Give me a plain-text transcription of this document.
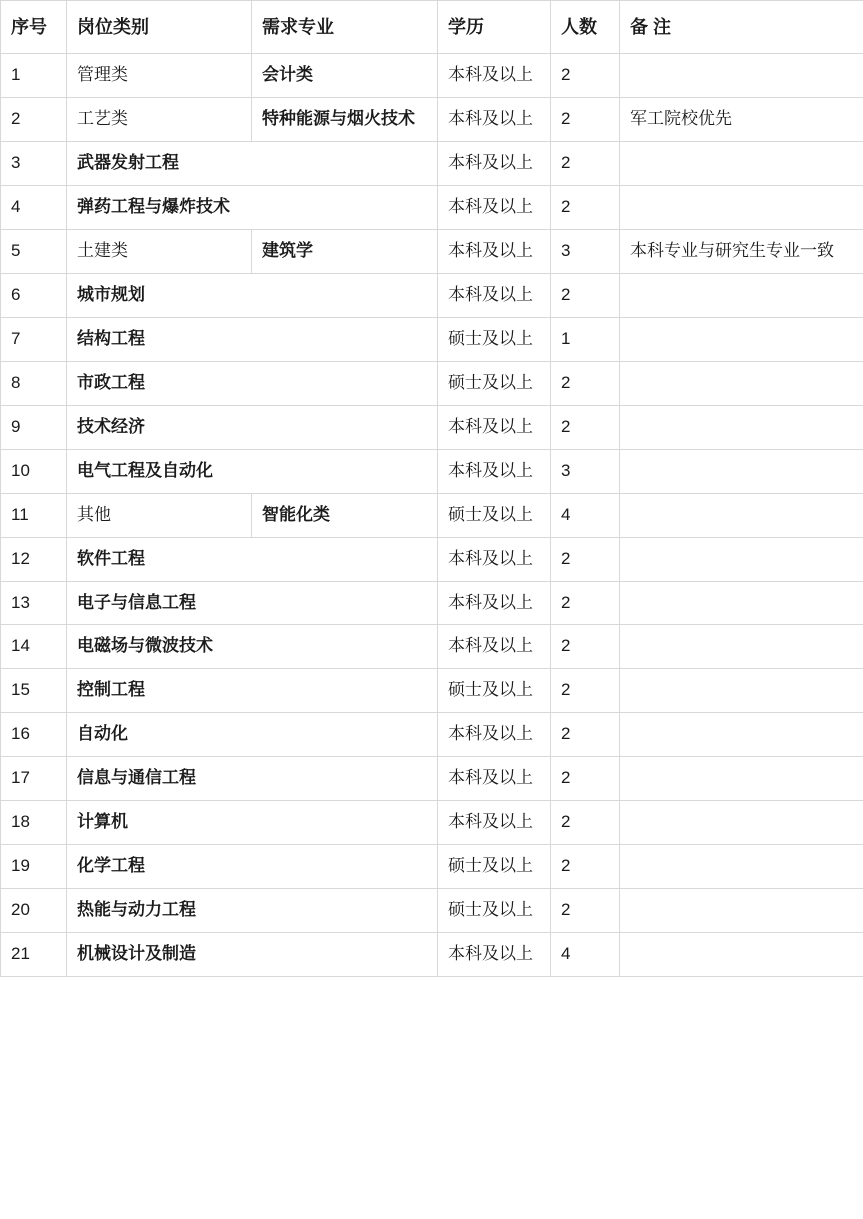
序号	岗位类别	需求专业	学历	人数	备 注
1	管理类	会计类	本科及以上	2	
2	工艺类	特种能源与烟火技术	本科及以上	2	军工院校优先
3	武器发射工程		本科及以上	2	
4	弹药工程与爆炸技术		本科及以上	2	
5	土建类	建筑学	本科及以上	3	本科专业与研究生专业一致
6	城市规划		本科及以上	2	
7	结构工程		硕士及以上	1	
8	市政工程		硕士及以上	2	
9	技术经济		本科及以上	2	
10	电气工程及自动化		本科及以上	3	
11	其他	智能化类	硕士及以上	4	
12	软件工程		本科及以上	2	
13	电子与信息工程		本科及以上	2	
14	电磁场与微波技术		本科及以上	2	
15	控制工程		硕士及以上	2	
16	自动化		本科及以上	2	
17	信息与通信工程		本科及以上	2	
18	计算机		本科及以上	2	
19	化学工程		硕士及以上	2	
20	热能与动力工程		硕士及以上	2	
21	机械设计及制造		本科及以上	4	
